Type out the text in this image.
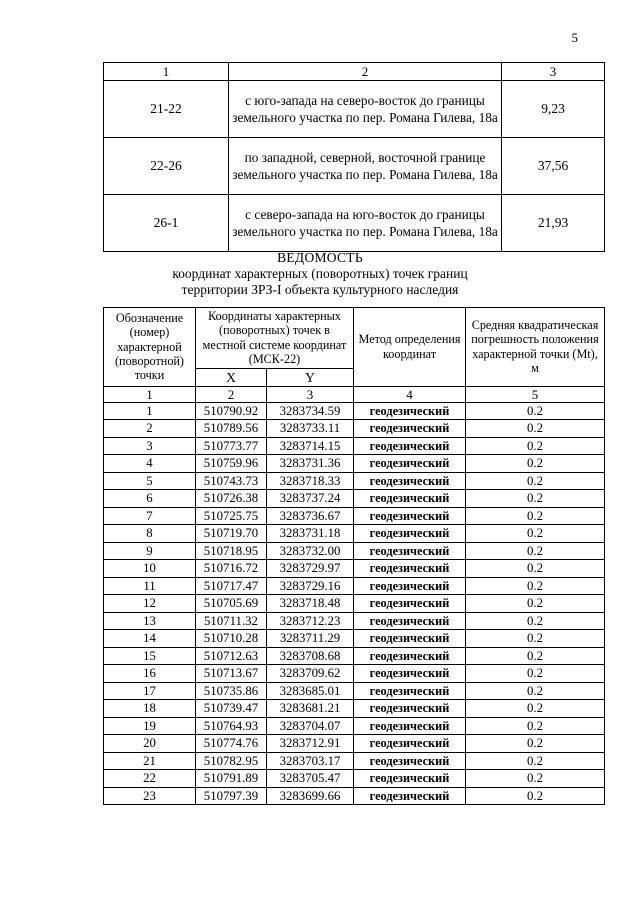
5
1	2	3
21-22	с юго-запада на северо-восток до границы земельного участка по пер. Романа Гилева, 18а	9,23
22-26	по западной, северной, восточной границе земельного участка по пер. Романа Гилева, 18а	37,56
26-1	с северо-запада на юго-восток до границы земельного участка по пер. Романа Гилева, 18а	21,93
ВЕДОМОСТЬ
координат характерных (поворотных) точек границ
территории ЗРЗ-I объекта культурного наследия
Обозначение (номер) характерной (поворотной) точки	Координаты характерных (поворотных) точек в местной системе координат (МСК-22)		Метод определения координат	Средняя квадратическая погрешность положения характерной точки (Mt), м
	X	Y		
1	2	3	4	5
1	510790.92	3283734.59	геодезический	0.2
2	510789.56	3283733.11	геодезический	0.2
3	510773.77	3283714.15	геодезический	0.2
4	510759.96	3283731.36	геодезический	0.2
5	510743.73	3283718.33	геодезический	0.2
6	510726.38	3283737.24	геодезический	0.2
7	510725.75	3283736.67	геодезический	0.2
8	510719.70	3283731.18	геодезический	0.2
9	510718.95	3283732.00	геодезический	0.2
10	510716.72	3283729.97	геодезический	0.2
11	510717.47	3283729.16	геодезический	0.2
12	510705.69	3283718.48	геодезический	0.2
13	510711.32	3283712.23	геодезический	0.2
14	510710.28	3283711.29	геодезический	0.2
15	510712.63	3283708.68	геодезический	0.2
16	510713.67	3283709.62	геодезический	0.2
17	510735.86	3283685.01	геодезический	0.2
18	510739.47	3283681.21	геодезический	0.2
19	510764.93	3283704.07	геодезический	0.2
20	510774.76	3283712.91	геодезический	0.2
21	510782.95	3283703.17	геодезический	0.2
22	510791.89	3283705.47	геодезический	0.2
23	510797.39	3283699.66	геодезический	0.2
